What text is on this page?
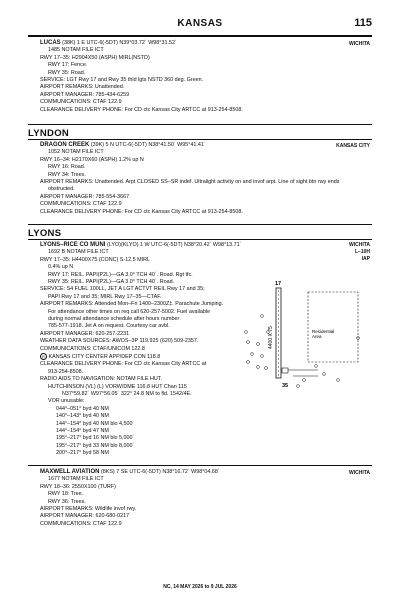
KANSAS	115
WICHITA
LUCAS (38K) 1 E UTC-6(-5DT) N39°03.72´ W98°31.52´
1485 NOTAM FILE ICT
RWY 17–35: H2904X50 (ASPH) MIRL(NSTD)
RWY 17: Fence.
RWY 35: Road.
SERVICE: LGT Rwy 17 and Rwy 35 thld lgts NSTD 360 deg. Green.
AIRPORT REMARKS: Unattended.
AIRPORT MANAGER: 785-434-6259
COMMUNICATIONS: CTAF 122.9
CLEARANCE DELIVERY PHONE: For CD ctc Kansas City ARTCC at 913-254-8508.
LYNDON
KANSAS CITY
DRAGON CREEK (39K) 5 N UTC-6(-5DT) N38°41.50´ W95°41.41´
1052 NOTAM FILE ICT
RWY 16–34: H2170X60 (ASPH) 1.2% up N
RWY 16: Road.
RWY 34: Trees.
AIRPORT REMARKS: Unattended. Arpt CLOSED SS–SR indef. Ultralight activity on and invof arpt. Line of sight btn rwy ends
obstructed.
AIRPORT MANAGER: 785-554-3667
COMMUNICATIONS: CTAF 122.9
CLEARANCE DELIVERY PHONE: For CD ctc Kansas City ARTCC at 913-254-8508.
LYONS
WICHITA
L–10H
IAP
LYONS–RICE CO MUNI (LYO)(KLYO) 1 W UTC-6(-5DT) N38°20.42´ W98°13.71´
1692 B NOTAM FILE ICT
RWY 17–35: H4400X75 (CONC) S-12.5 MIRL
0.4% up N
RWY 17: REIL. PAPI(P2L)—GA 3.0° TCH 40´. Road. Rgt tfc.
RWY 35: REIL. PAPI(P2L)—GA 3.0° TCH 40´. Road.
SERVICE: S4 FUEL 100LL, JET A LGT ACTVT REIL Rwy 17 and 35;
PAPI Rwy 17 and 35; MIRL Rwy 17–35—CTAF.
AIRPORT REMARKS: Attended Mon–Fri 1400–2300Z‡. Parachute Jumping.
For attendance other times on req call 620-257-5002. Fuel available
during normal attendance schedule after hours number
785-577-1918. Jet A on request. Courtesy car avbl.
AIRPORT MANAGER: 620-257-2231
WEATHER DATA SOURCES: AWOS–3P 119.925 (620) 509-2357.
COMMUNICATIONS: CTAF/UNICOM 122.8
R KANSAS CITY CENTER APP/DEP CON 118.8
CLEARANCE DELIVERY PHONE: For CD ctc Kansas City ARTCC at
913-254-8508.
RADIO AIDS TO NAVIGATION: NOTAM FILE HUT.
HUTCHINSON (VL) (L) VORW/DME 116.8 HUT Chan 115
N37°59.82´ W97°56.05´ 322° 24.8 NM to fld. 1542/4E.
VOR unusable:
044°–051° byd 40 NM
140°–143° byd 40 NM
144°–154° byd 40 NM blo 4,500´
144°–154° byd 47 NM
195°–217° byd 16 NM blo 5,000´
195°–217° byd 33 NM blo 8,000´
200°–217° byd 58 NM
Residential
Area
4400 X 75
17
35
WICHITA
MAXWELL AVIATION (8KS) 7 SE UTC-6(-5DT) N38°16.72´ W98°04.68´
1677 NOTAM FILE ICT
RWY 18–36: 2550X100 (TURF)
RWY 18: Tree.
RWY 36: Trees.
AIRPORT REMARKS: Wildlife invof rwy.
AIRPORT MANAGER: 620-680-0217
COMMUNICATIONS: CTAF 122.9
NC, 14 MAY 2026 to 9 JUL 2026
